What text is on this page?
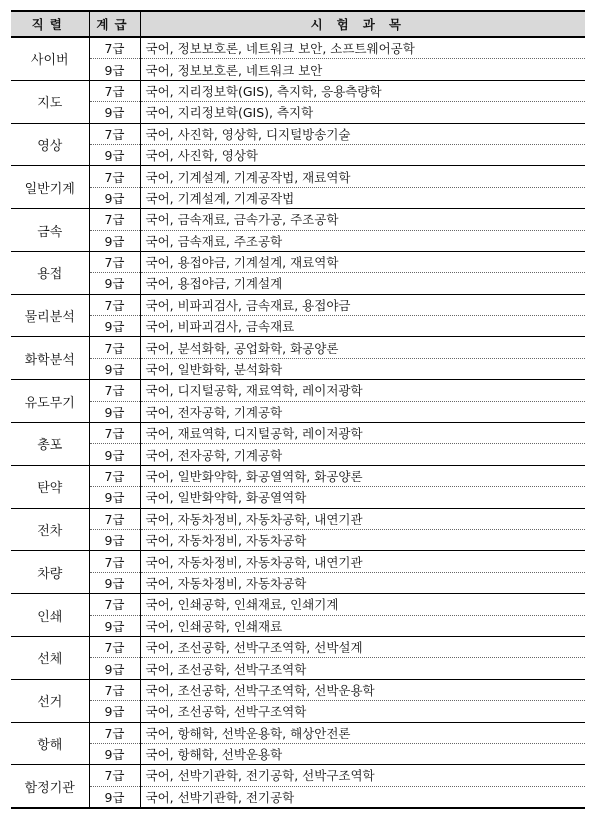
직렬	계급	시험과목
사이버	7급	국어, 정보보호론, 네트워크 보안, 소프트웨어공학
	9급	국어, 정보보호론, 네트워크 보안
지도	7급	국어, 지리정보학(GIS), 측지학, 응용측량학
	9급	국어, 지리정보학(GIS), 측지학
영상	7급	국어, 사진학, 영상학, 디지털방송기술
	9급	국어, 사진학, 영상학
일반기계	7급	국어, 기계설계, 기계공작법, 재료역학
	9급	국어, 기계설계, 기계공작법
금속	7급	국어, 금속재료, 금속가공, 주조공학
	9급	국어, 금속재료, 주조공학
용접	7급	국어, 용접야금, 기계설계, 재료역학
	9급	국어, 용접야금, 기계설계
물리분석	7급	국어, 비파괴검사, 금속재료, 용접야금
	9급	국어, 비파괴검사, 금속재료
화학분석	7급	국어, 분석화학, 공업화학, 화공양론
	9급	국어, 일반화학, 분석화학
유도무기	7급	국어, 디지털공학, 재료역학, 레이저광학
	9급	국어, 전자공학, 기계공학
총포	7급	국어, 재료역학, 디지털공학, 레이저광학
	9급	국어, 전자공학, 기계공학
탄약	7급	국어, 일반화약학, 화공열역학, 화공양론
	9급	국어, 일반화약학, 화공열역학
전차	7급	국어, 자동차정비, 자동차공학, 내연기관
	9급	국어, 자동차정비, 자동차공학
차량	7급	국어, 자동차정비, 자동차공학, 내연기관
	9급	국어, 자동차정비, 자동차공학
인쇄	7급	국어, 인쇄공학, 인쇄재료, 인쇄기계
	9급	국어, 인쇄공학, 인쇄재료
선체	7급	국어, 조선공학, 선박구조역학, 선박설계
	9급	국어, 조선공학, 선박구조역학
선거	7급	국어, 조선공학, 선박구조역학, 선박운용학
	9급	국어, 조선공학, 선박구조역학
항해	7급	국어, 항해학, 선박운용학, 해상안전론
	9급	국어, 항해학, 선박운용학
함정기관	7급	국어, 선박기관학, 전기공학, 선박구조역학
	9급	국어, 선박기관학, 전기공학
